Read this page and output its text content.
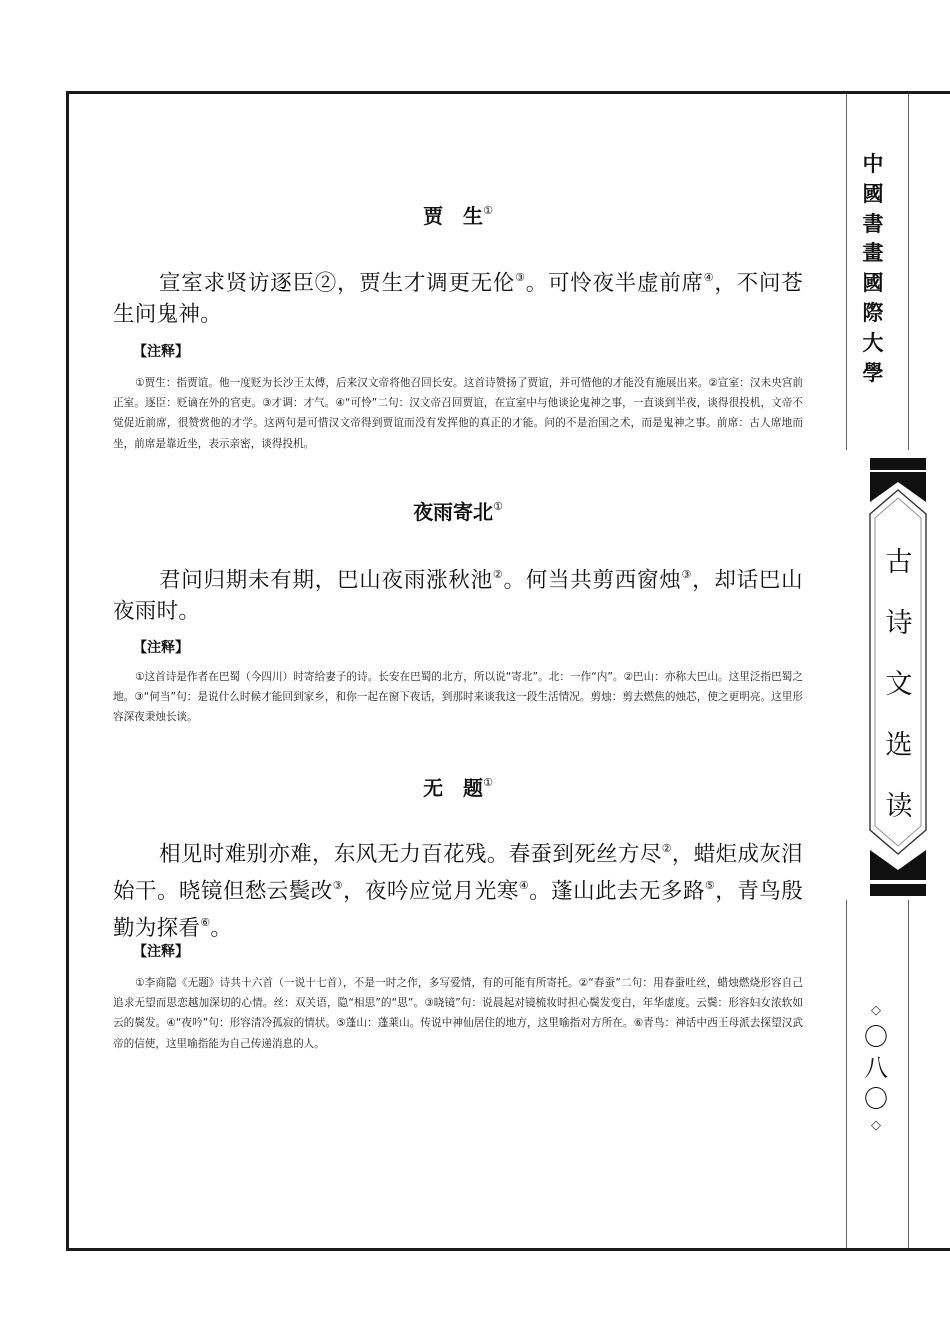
中
國
書
畫
國
際
大
學
古
诗
文
选
读
◇
〇
八
〇
◇
贾　生①
宣室求贤访逐臣②，贾生才调更无伦③。可怜夜半虚前席④，不问苍生问鬼神。
【注释】
①贾生：指贾谊。他一度贬为长沙王太傅，后来汉文帝将他召回长安。这首诗赞扬了贾谊，并可惜他的才能没有施展出来。②宣室：汉未央宫前正室。逐臣：贬谪在外的官吏。③才调：才气。④“可怜”二句：汉文帝召回贾谊，在宣室中与他谈论鬼神之事，一直谈到半夜，谈得很投机，文帝不觉促近前席，很赞赏他的才学。这两句是可惜汉文帝得到贾谊而没有发挥他的真正的才能。问的不是治国之术，而是鬼神之事。前席：古人席地而坐，前席是靠近坐，表示亲密，谈得投机。
夜雨寄北①
君问归期未有期，巴山夜雨涨秋池②。何当共剪西窗烛③，却话巴山夜雨时。
【注释】
①这首诗是作者在巴蜀（今四川）时寄给妻子的诗。长安在巴蜀的北方，所以说“寄北”。北：一作“内”。②巴山：亦称大巴山。这里泛指巴蜀之地。③“何当”句：是说什么时候才能回到家乡，和你一起在窗下夜话，到那时来谈我这一段生活情况。剪烛：剪去燃焦的烛芯，使之更明亮。这里形容深夜秉烛长谈。
无　题①
相见时难别亦难，东风无力百花残。春蚕到死丝方尽②，蜡炬成灰泪始干。晓镜但愁云鬓改③，夜吟应觉月光寒④。蓬山此去无多路⑤，青鸟殷勤为探看⑥。
【注释】
①李商隐《无题》诗共十六首（一说十七首），不是一时之作，多写爱情，有的可能有所寄托。②“春蚕”二句：用春蚕吐丝，蜡烛燃烧形容自己追求无望而思恋越加深切的心情。丝：双关语，隐“相思”的“思”。③晓镜”句：说晨起对镜梳妆时担心鬓发变白，年华虚度。云鬓：形容妇女浓软如云的鬓发。④“夜吟”句：形容清冷孤寂的情状。⑤蓬山：蓬莱山。传说中神仙居住的地方，这里喻指对方所在。⑥青鸟：神话中西王母派去探望汉武帝的信使，这里喻指能为自己传递消息的人。
